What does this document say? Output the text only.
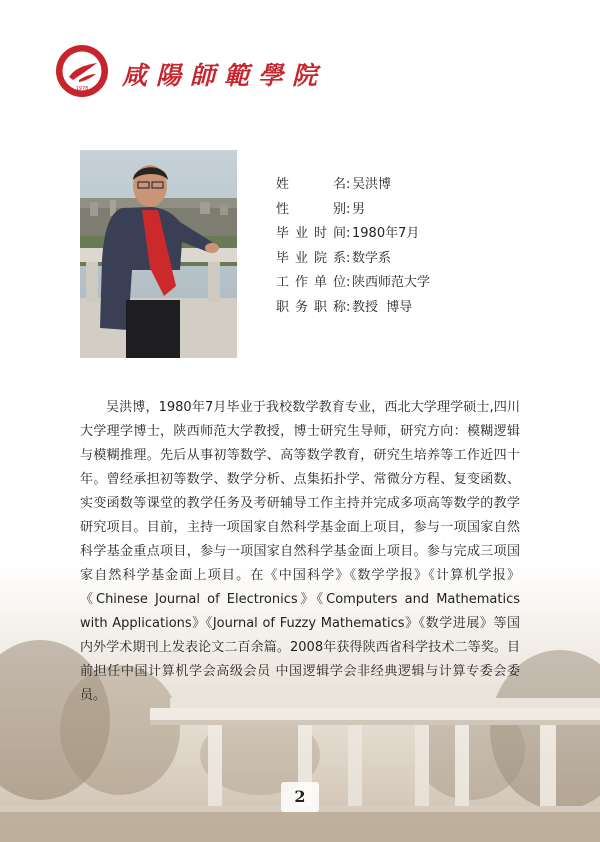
1978 咸陽師範學院
姓名: 吴洪博
性别: 男
毕业时间: 1980年7月
毕业院系: 数学系
工作单位: 陕西师范大学
职务职称: 教授  博导

吴洪博，1980年7月毕业于我校数学教育专业，西北大学理学硕士,四川大学理学博士，陕西师范大学教授，博士研究生导师，研究方向：模糊逻辑与模糊推理。先后从事初等数学、高等数学教育，研究生培养等工作近四十年。曾经承担初等数学、数学分析、点集拓扑学、常微分方程、复变函数、实变函数等课堂的教学任务及考研辅导工作主持并完成多项高等数学的教学研究项目。目前，主持一项国家自然科学基金面上项目，参与一项国家自然科学基金重点项目，参与一项国家自然科学基金面上项目。参与完成三项国家自然科学基金面上项目。在《中国科学》《数学学报》《计算机学报》《Chinese Journal of Electronics》《Computers and Mathematics with Applications》《Journal of Fuzzy Mathematics》《数学进展》等国内外学术期刊上发表论文二百余篇。2008年获得陕西省科学技术二等奖。目前担任中国计算机学会高级会员 中国逻辑学会非经典逻辑与计算专委会委员。

2
